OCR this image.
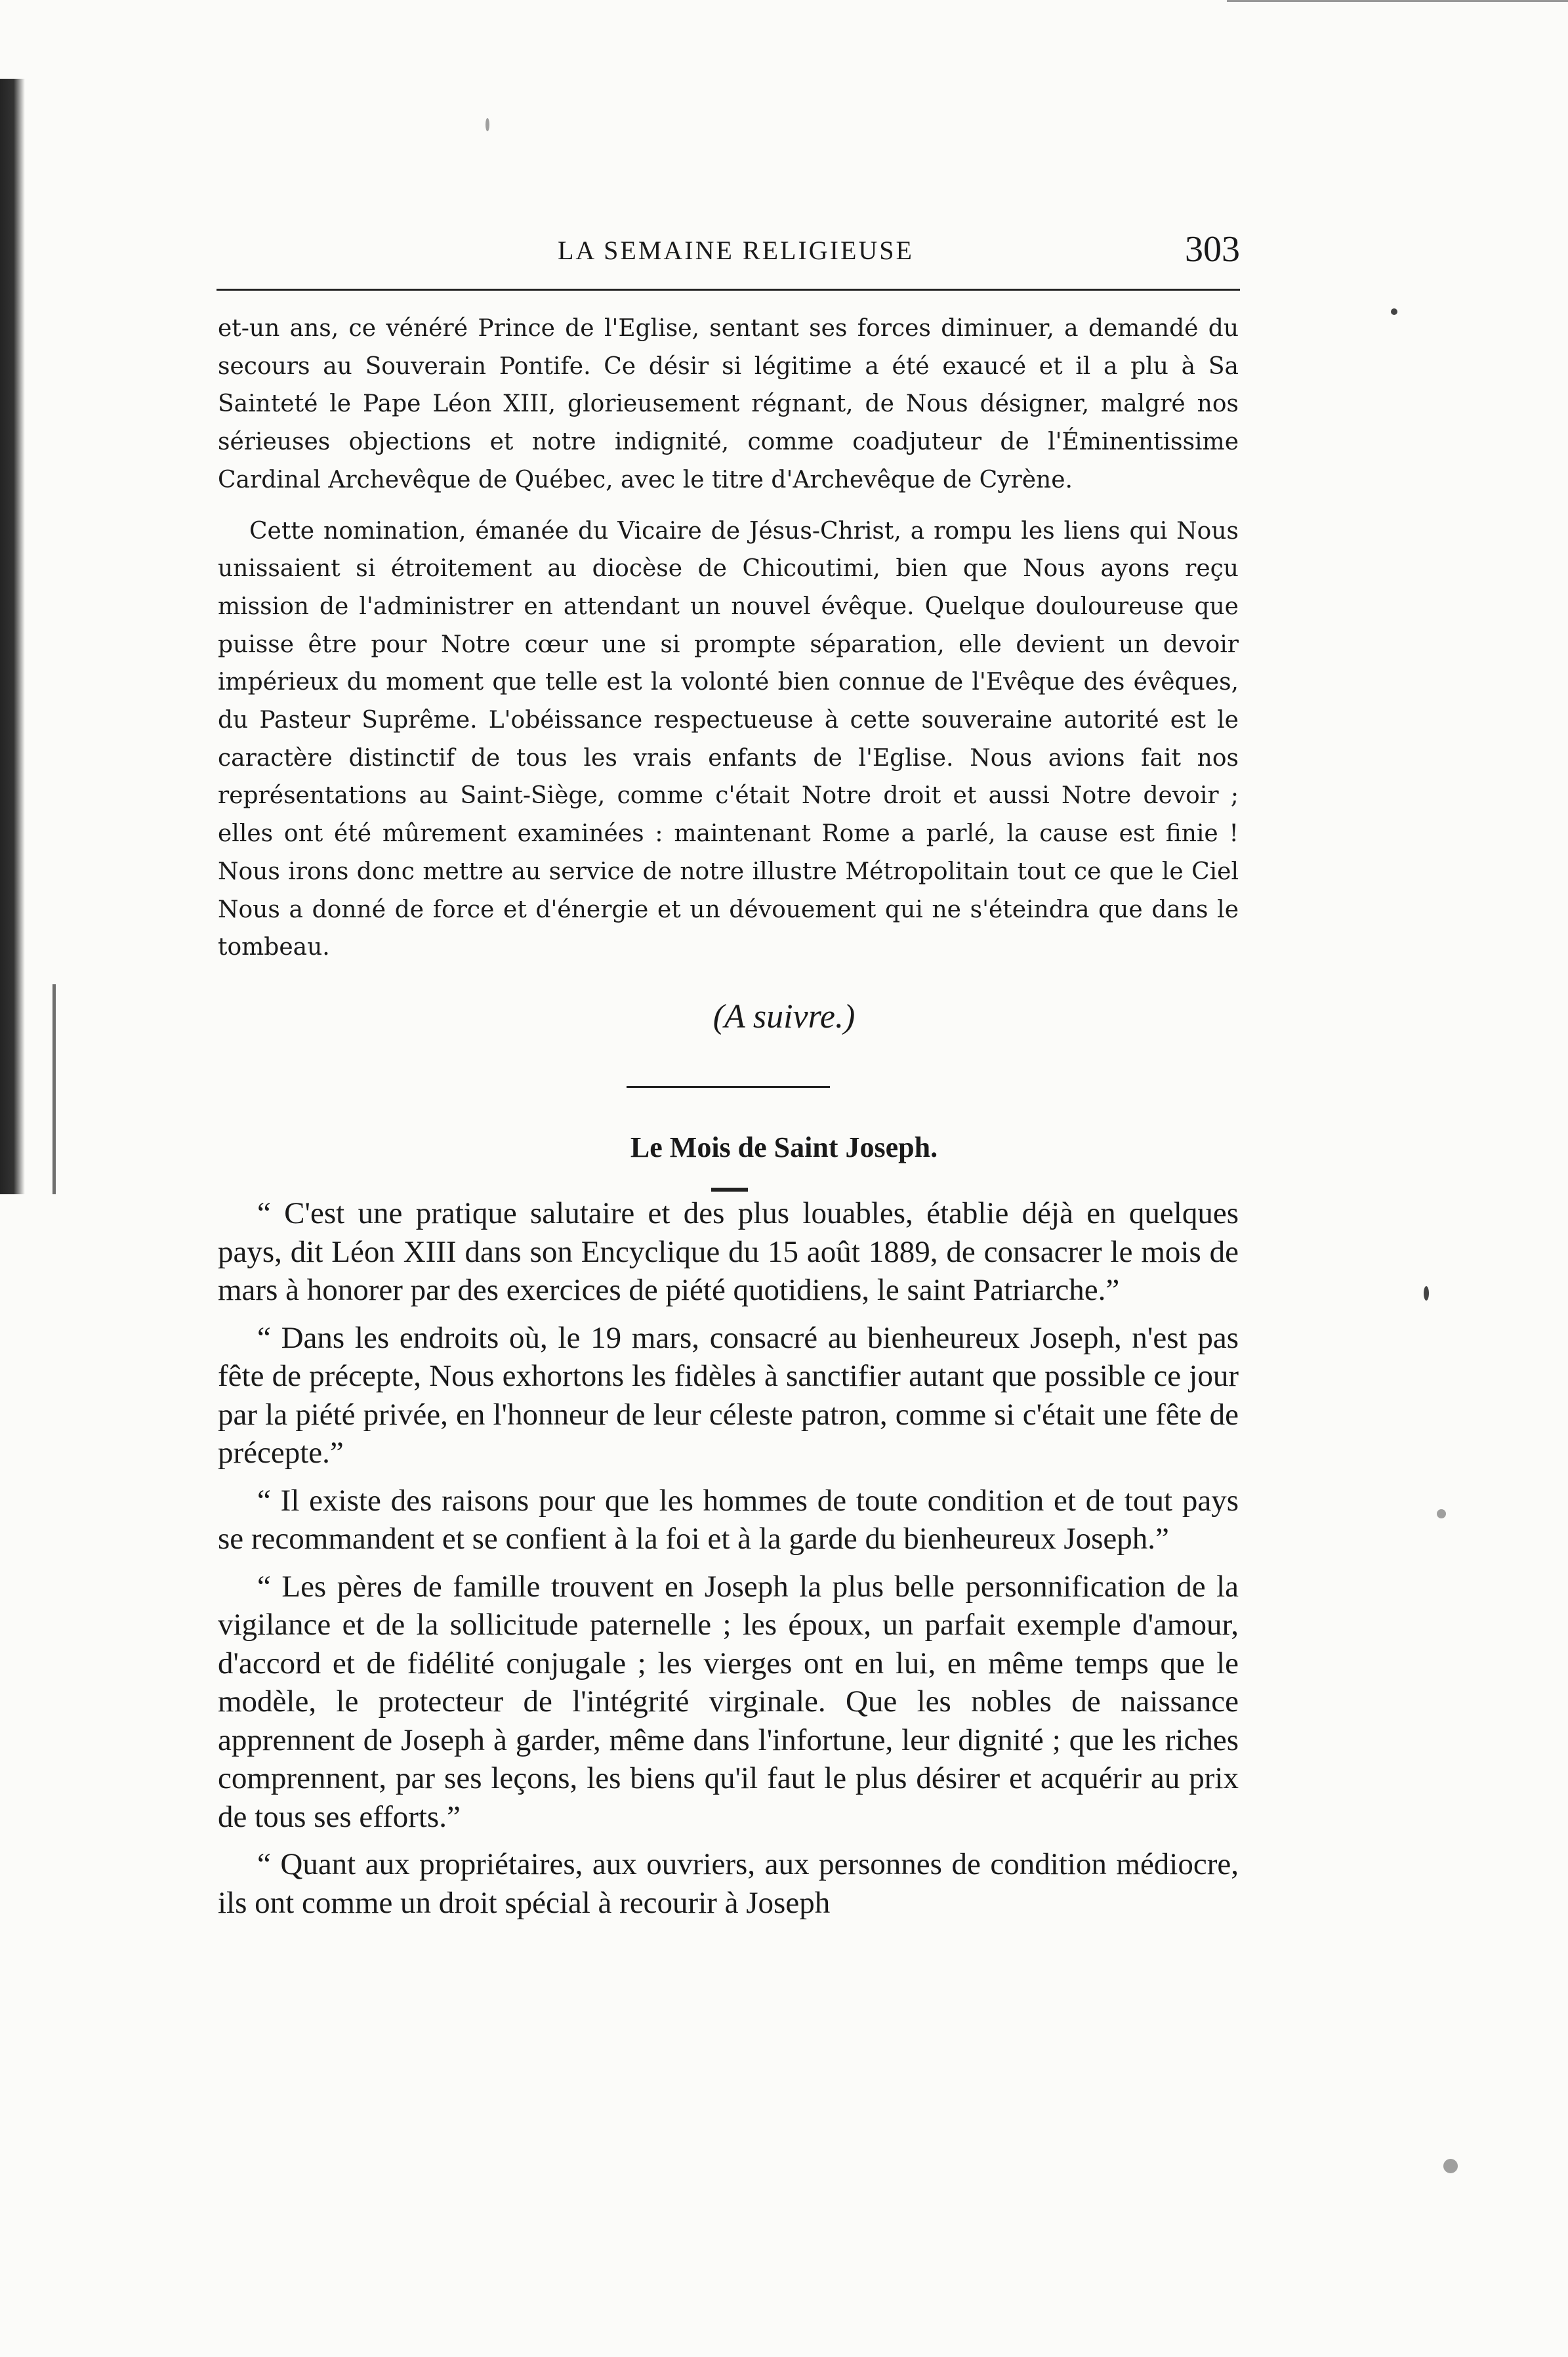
LA SEMAINE RELIGIEUSE	303

et-un ans, ce vénéré Prince de l'Eglise, sentant ses forces diminuer, a demandé du secours au Souverain Pontife. Ce désir si légitime a été exaucé et il a plu à Sa Sainteté le Pape Léon XIII, glorieusement régnant, de Nous désigner, malgré nos sérieuses objections et notre indignité, comme coadjuteur de l'Éminentissime Cardinal Archevêque de Québec, avec le titre d'Archevêque de Cyrène.

Cette nomination, émanée du Vicaire de Jésus-Christ, a rompu les liens qui Nous unissaient si étroitement au diocèse de Chicoutimi, bien que Nous ayons reçu mission de l'administrer en attendant un nouvel évêque. Quelque douloureuse que puisse être pour Notre cœur une si prompte séparation, elle devient un devoir impérieux du moment que telle est la volonté bien connue de l'Evêque des évêques, du Pasteur Suprême. L'obéissance respectueuse à cette souveraine autorité est le caractère distinctif de tous les vrais enfants de l'Eglise. Nous avions fait nos représentations au Saint-Siège, comme c'était Notre droit et aussi Notre devoir ; elles ont été mûrement examinées : maintenant Rome a parlé, la cause est finie ! Nous irons donc mettre au service de notre illustre Métropolitain tout ce que le Ciel Nous a donné de force et d'énergie et un dévouement qui ne s'éteindra que dans le tombeau.

(A suivre.)
Le Mois de Saint Joseph.

“ C'est une pratique salutaire et des plus louables, établie déjà en quelques pays, dit Léon XIII dans son Encyclique du 15 août 1889, de consacrer le mois de mars à honorer par des exercices de piété quotidiens, le saint Patriarche.”

“ Dans les endroits où, le 19 mars, consacré au bienheureux Joseph, n'est pas fête de précepte, Nous exhortons les fidèles à sanctifier autant que possible ce jour par la piété privée, en l'honneur de leur céleste patron, comme si c'était une fête de précepte.”

“ Il existe des raisons pour que les hommes de toute condition et de tout pays se recommandent et se confient à la foi et à la garde du bienheureux Joseph.”

“ Les pères de famille trouvent en Joseph la plus belle personnification de la vigilance et de la sollicitude paternelle ; les époux, un parfait exemple d'amour, d'accord et de fidélité conjugale ; les vierges ont en lui, en même temps que le modèle, le protecteur de l'intégrité virginale. Que les nobles de naissance apprennent de Joseph à garder, même dans l'infortune, leur dignité ; que les riches comprennent, par ses leçons, les biens qu'il faut le plus désirer et acquérir au prix de tous ses efforts.”

“ Quant aux propriétaires, aux ouvriers, aux personnes de condition médiocre, ils ont comme un droit spécial à recourir à Joseph
